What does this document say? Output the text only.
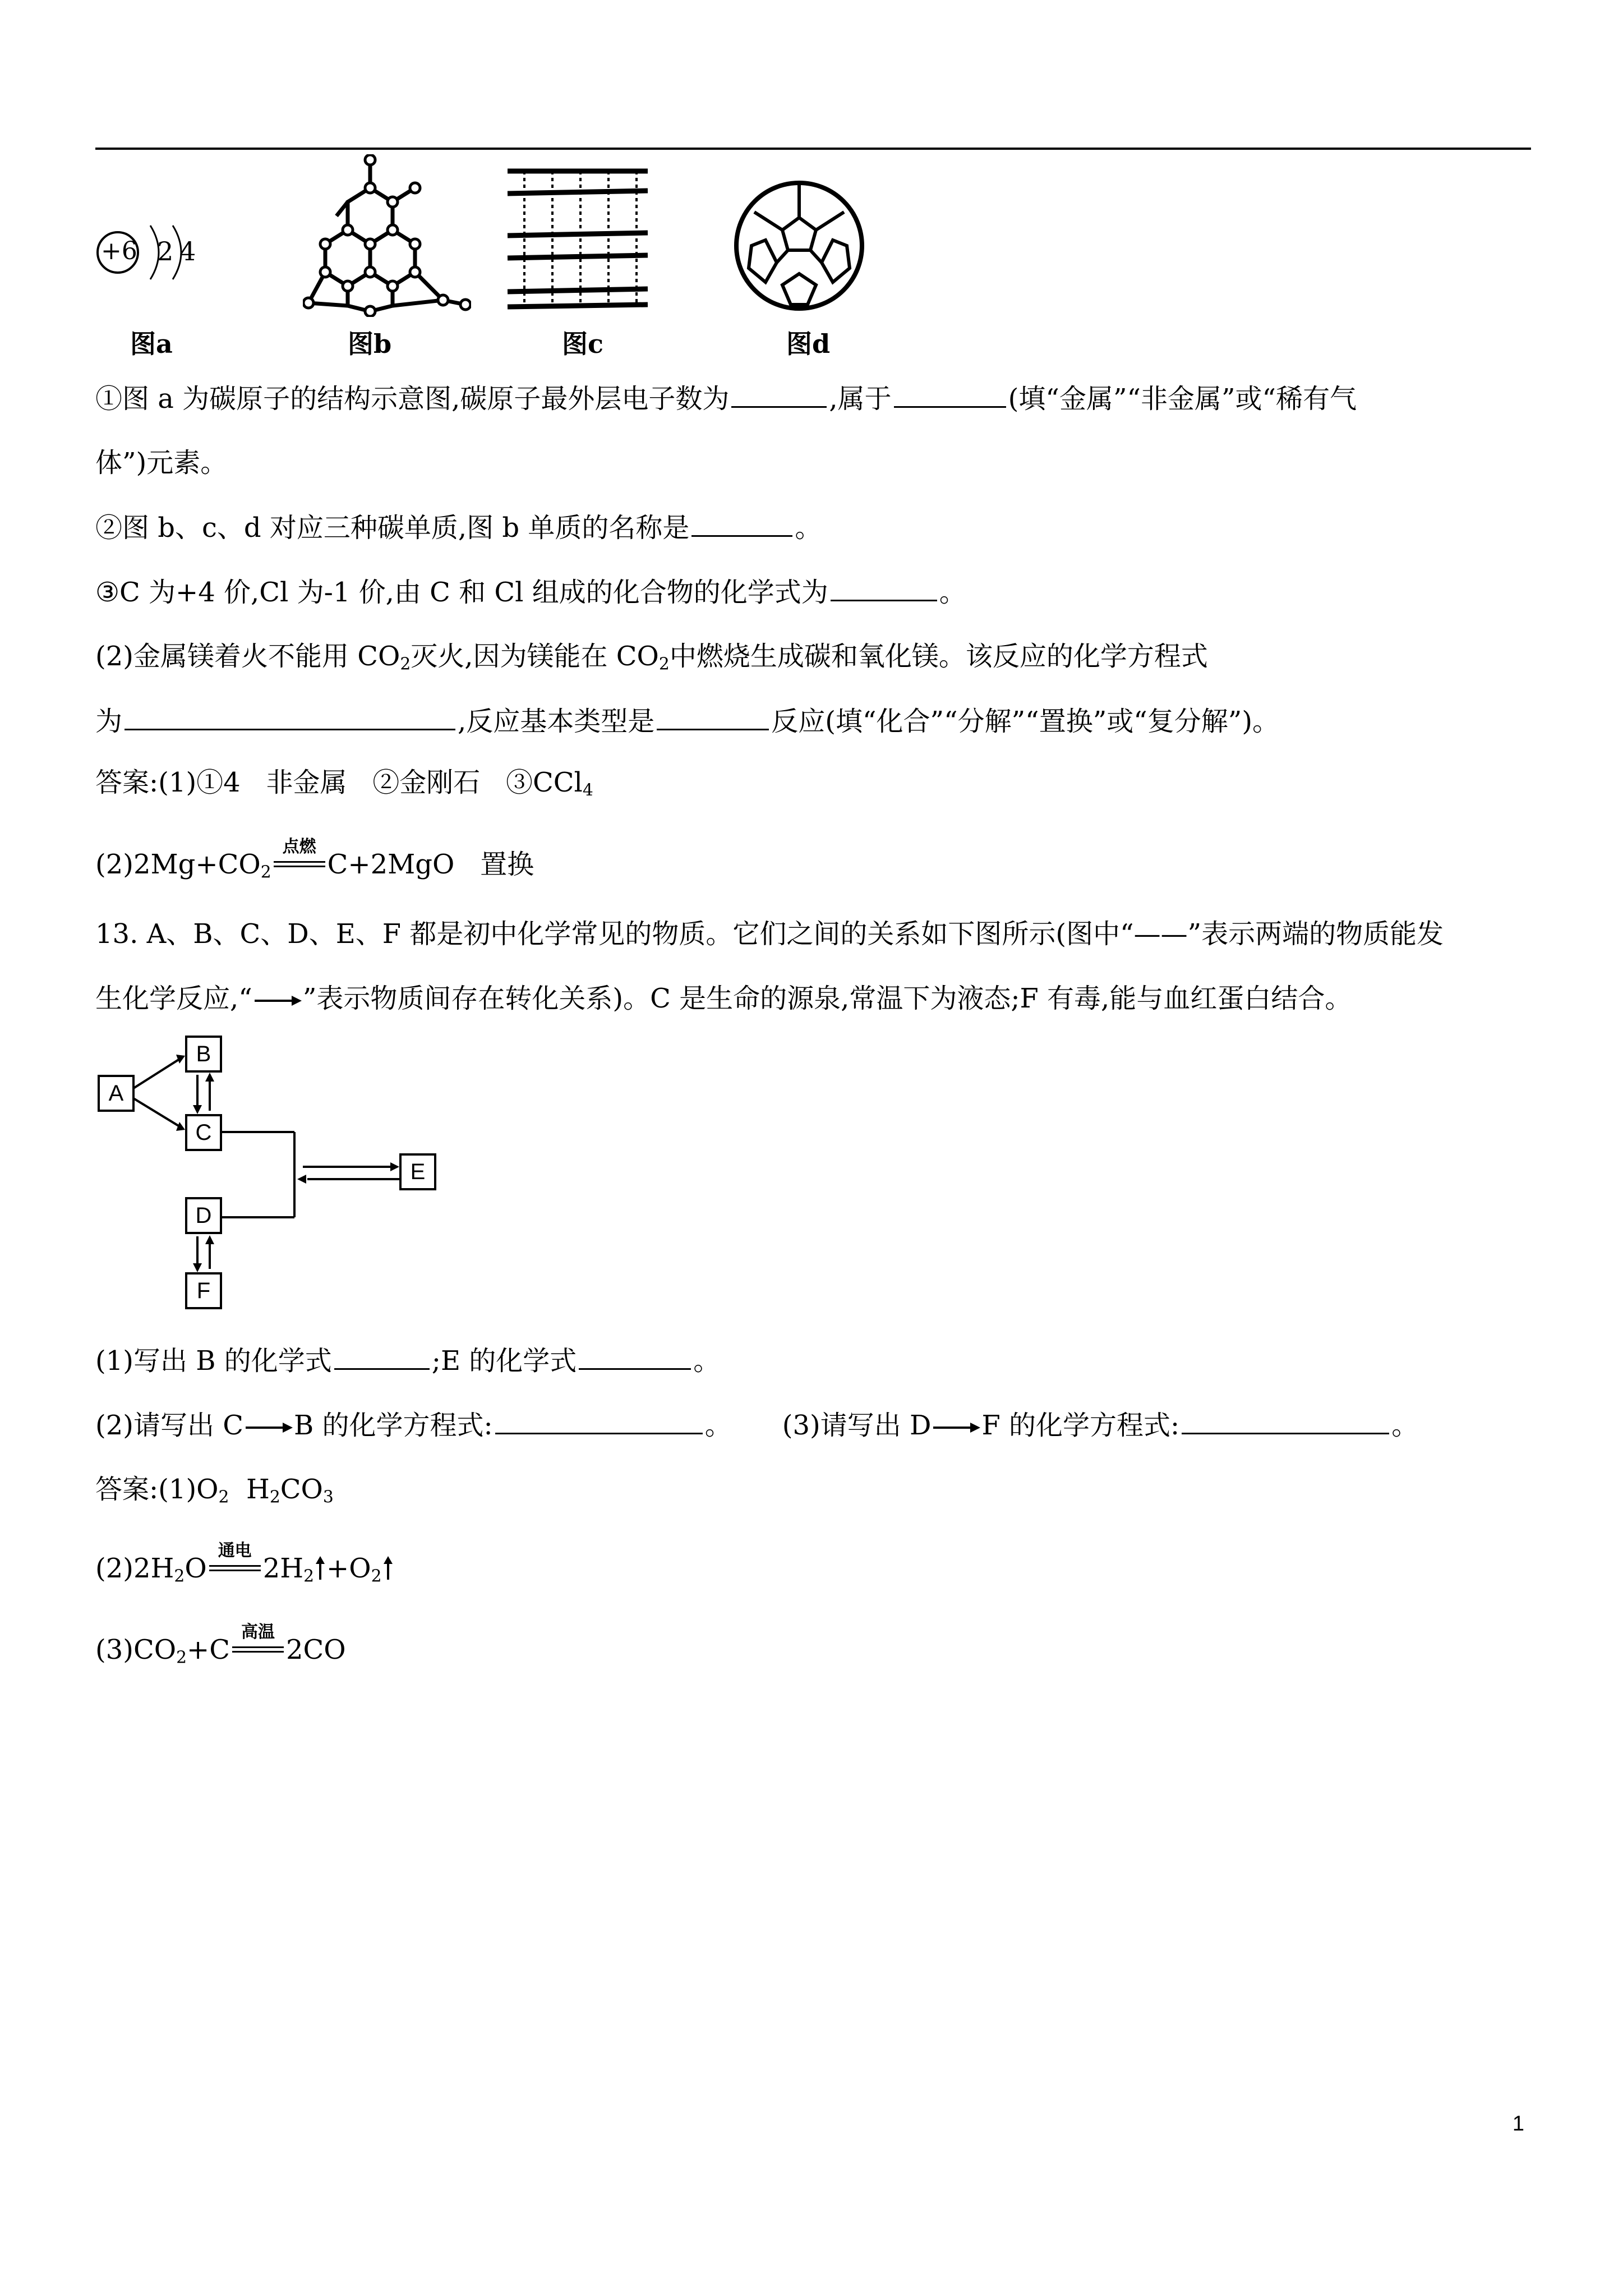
+6 2 4
图a	图b	图c	图d
①图 a 为碳原子的结构示意图,碳原子最外层电子数为	,属于	(填“金属”“非金属”或“稀有气
体”)元素。
②图 b、c、d 对应三种碳单质,图 b 单质的名称是	。
③C 为+4 价,Cl 为-1 价,由 C 和 Cl 组成的化合物的化学式为	。
(2)金属镁着火不能用 $CO_2$灭火,因为镁能在 $CO_2$中燃烧生成碳和氧化镁。该反应的化学方程式
为	,反应基本类型是	反应(填“化合”“分解”“置换”或“复分解”)。
答案:(1)①4   非金属   ②金刚石   ③CCl$_4$
$(2)2Mg+CO_2$
点燃
C+2MgO   置换
13. A、B、C、D、E、F 都是初中化学常见的物质。它们之间的关系如下图所示(图中“——”表示两端的物质能发
生化学反应,“ ”表示物质间存在转化关系)。C 是生命的源泉,常温下为液态;F 有毒,能与血红蛋白结合。
A
B
C
D
F
E
(1)写出 B 的化学式	;E 的化学式	。
(2)请写出 C B 的化学方程式:	。 (3)请写出 D F 的化学方程式:	。
答案$:(1)O_2$  $H_2CO_3$
$(2)2H_2O$
通电
$2H_2 +O_2$
$(3)CO_2+C$
高温
2CO
1
